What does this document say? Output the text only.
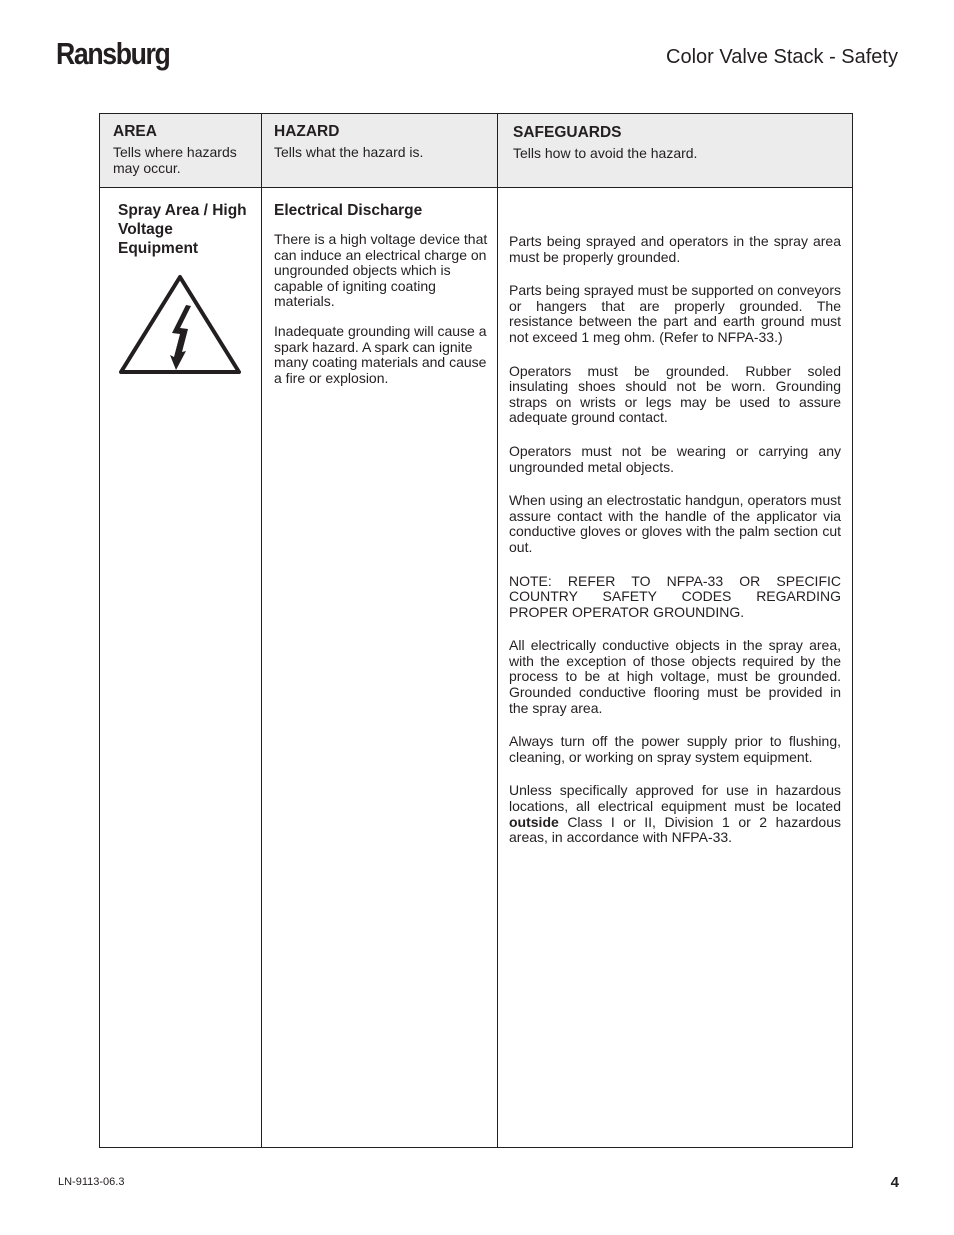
Ransburg	Color Valve Stack - Safety
AREA
Tells where hazards may occur.
HAZARD
Tells what the hazard is.
SAFEGUARDS
Tells how to avoid the hazard.
Spray Area / High Voltage Equipment
Electrical Discharge

There is a high voltage device that can induce an electrical charge on ungrounded objects which is capable of igniting coating materials.

Inadequate grounding will cause a spark hazard. A spark can ignite many coating materials and cause a fire or explosion.

Parts being sprayed and operators in the spray area must be properly grounded.

Parts being sprayed must be supported on conveyors or hangers that are properly grounded. The resistance between the part and earth ground must not exceed 1 meg ohm. (Refer to NFPA-33.)

Operators must be grounded. Rubber soled insulating shoes should not be worn. Grounding straps on wrists or legs may be used to assure adequate ground contact.

Operators must not be wearing or carrying any ungrounded metal objects.

When using an electrostatic handgun, operators must assure contact with the handle of the applicator via conductive gloves or gloves with the palm section cut out.

NOTE: REFER TO NFPA-33 OR SPECIFIC COUNTRY SAFETY CODES REGARDING PROPER OPERATOR GROUNDING.

All electrically conductive objects in the spray area, with the exception of those objects required by the process to be at high voltage, must be grounded. Grounded conductive flooring must be provided in the spray area.

Always turn off the power supply prior to flushing, cleaning, or working on spray system equipment.

Unless specifically approved for use in hazardous locations, all electrical equipment must be located outside Class I or II, Division 1 or 2 hazardous areas, in accordance with NFPA-33.

LN-9113-06.3	4
